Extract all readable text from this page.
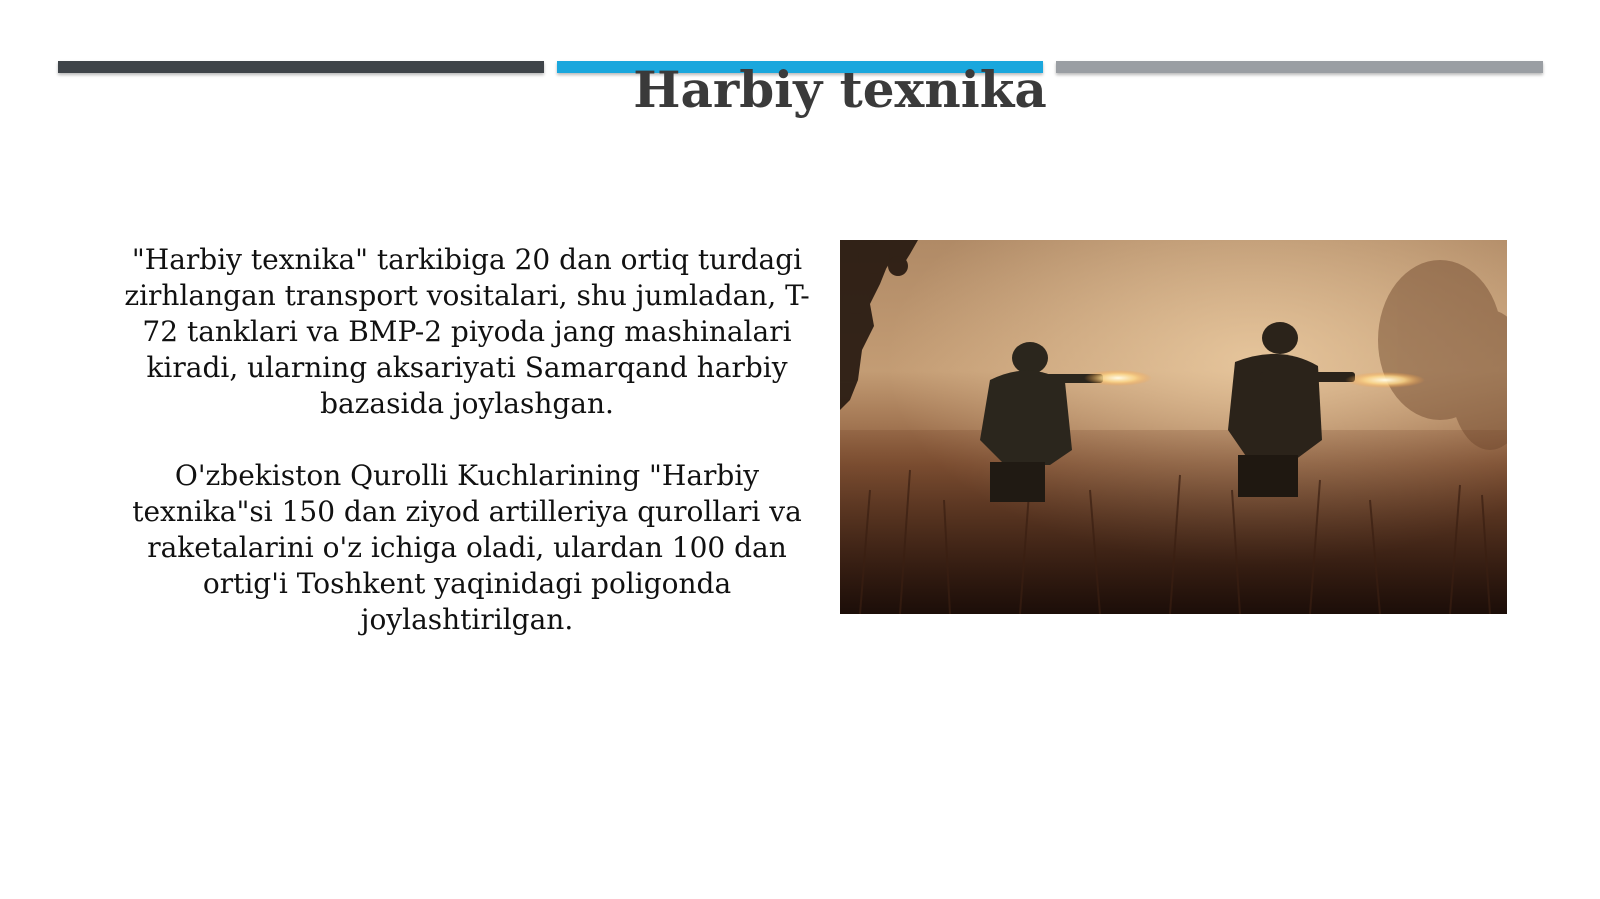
Harbiy texnika

"Harbiy texnika" tarkibiga 20 dan ortiq turdagi zirhlangan transport vositalari, shu jumladan, T-72 tanklari va BMP-2 piyoda jang mashinalari kiradi, ularning aksariyati Samarqand harbiy bazasida joylashgan.

O'zbekiston Qurolli Kuchlarining "Harbiy texnika"si 150 dan ziyod artilleriya qurollari va raketalarini o'z ichiga oladi, ulardan 100 dan ortig'i Toshkent yaqinidagi poligonda joylashtirilgan.
